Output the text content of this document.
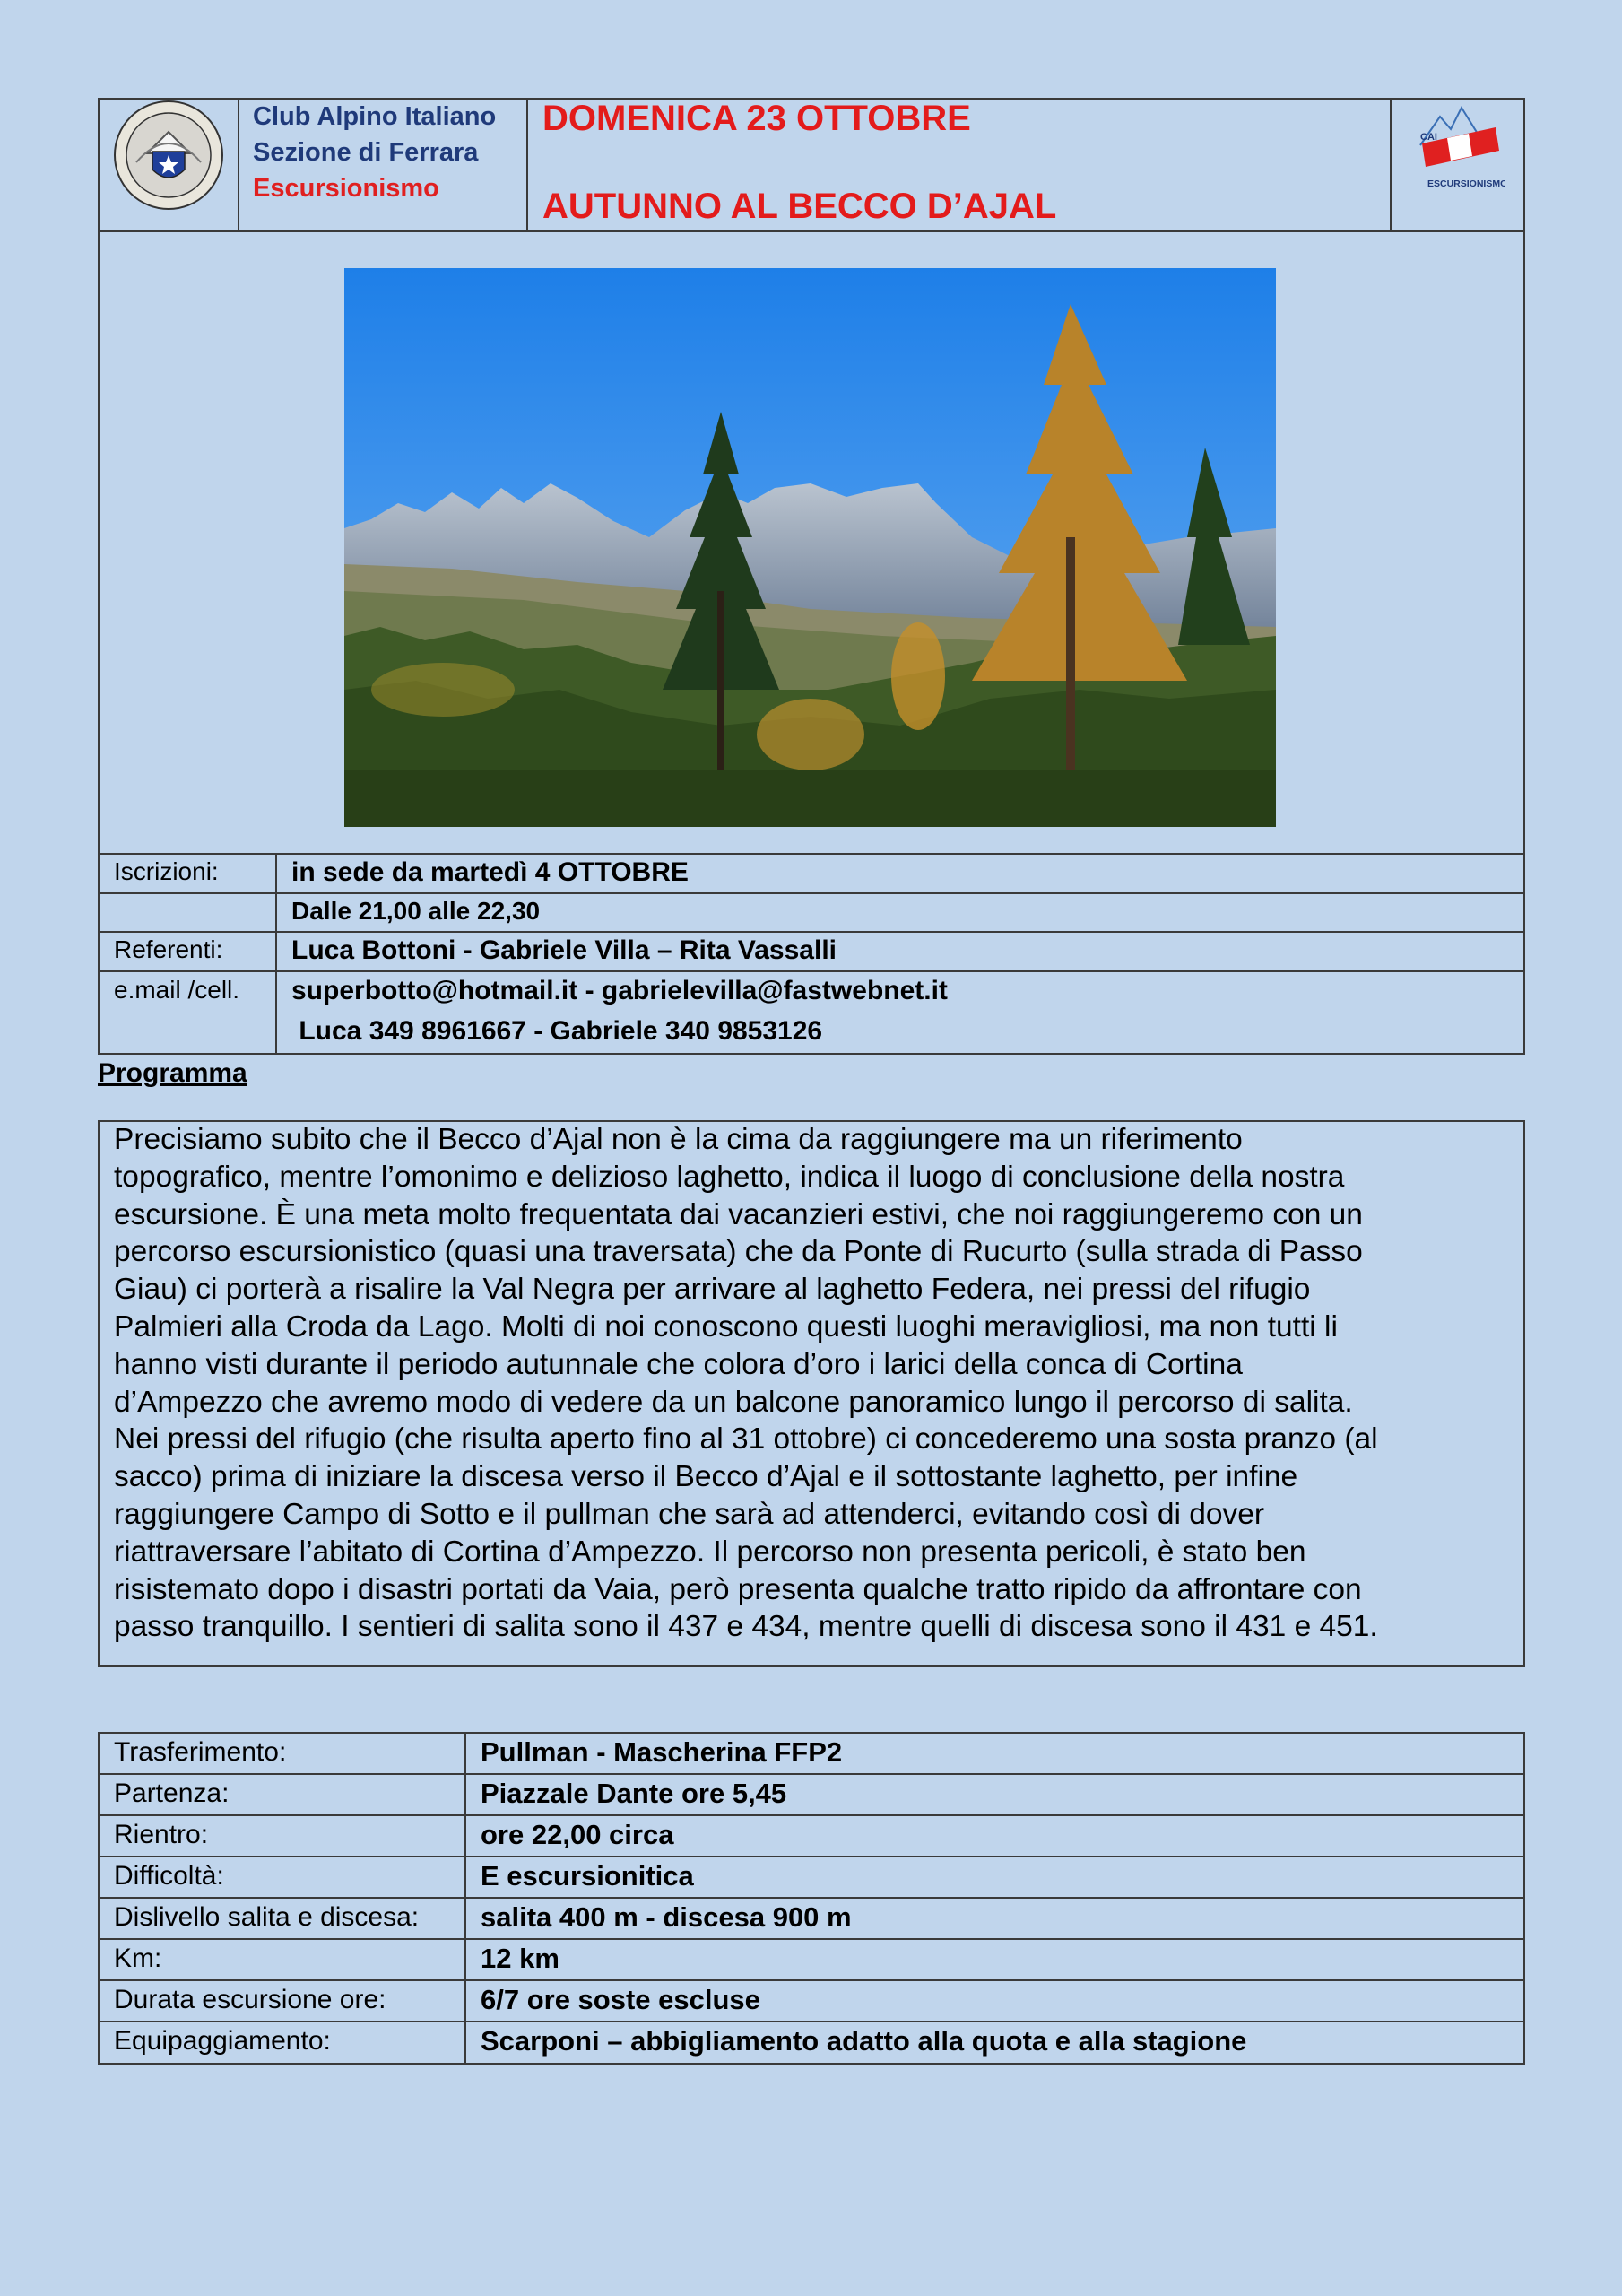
Club Alpino Italiano
Sezione di Ferrara
Escursionismo
DOMENICA 23 OTTOBRE
AUTUNNO AL BECCO D’AJAL
CAI
ESCURSIONISMO
Iscrizioni:	in sede da martedì 4 OTTOBRE
Dalle 21,00 alle 22,30
Referenti:	Luca Bottoni - Gabriele Villa – Rita Vassalli
e.mail /cell. superbotto@hotmail.it - gabrielevilla@fastwebnet.it
Luca 349 8961667 - Gabriele 340 9853126
Programma

Precisiamo subito che il Becco d’Ajal non è la cima da raggiungere ma un riferimento
topografico, mentre l’omonimo e delizioso laghetto, indica il luogo di conclusione della nostra
escursione. È una meta molto frequentata dai vacanzieri estivi, che noi raggiungeremo con un
percorso escursionistico (quasi una traversata) che da Ponte di Rucurto (sulla strada di Passo
Giau) ci porterà a risalire la Val Negra per arrivare al laghetto Federa, nei pressi del rifugio
Palmieri alla Croda da Lago. Molti di noi conoscono questi luoghi meravigliosi, ma non tutti li
hanno visti durante il periodo autunnale che colora d’oro i larici della conca di Cortina
d’Ampezzo che avremo modo di vedere da un balcone panoramico lungo il percorso di salita.
Nei pressi del rifugio (che risulta aperto fino al 31 ottobre) ci concederemo una sosta pranzo (al
sacco) prima di iniziare la discesa verso il Becco d’Ajal e il sottostante laghetto, per infine
raggiungere Campo di Sotto e il pullman che sarà ad attenderci, evitando così di dover
riattraversare l’abitato di Cortina d’Ampezzo. Il percorso non presenta pericoli, è stato ben
risistemato dopo i disastri portati da Vaia, però presenta qualche tratto ripido da affrontare con
passo tranquillo. I sentieri di salita sono il 437 e 434, mentre quelli di discesa sono il 431 e 451.

Trasferimento:	Pullman - Mascherina FFP2
Partenza:	Piazzale Dante ore 5,45
Rientro:	ore 22,00 circa
Difficoltà:	E escursionitica
Dislivello salita e discesa: salita 400 m - discesa 900 m
Km:	12 km
Durata escursione ore:	6/7 ore soste escluse
Equipaggiamento:	Scarponi – abbigliamento adatto alla quota e alla stagione
